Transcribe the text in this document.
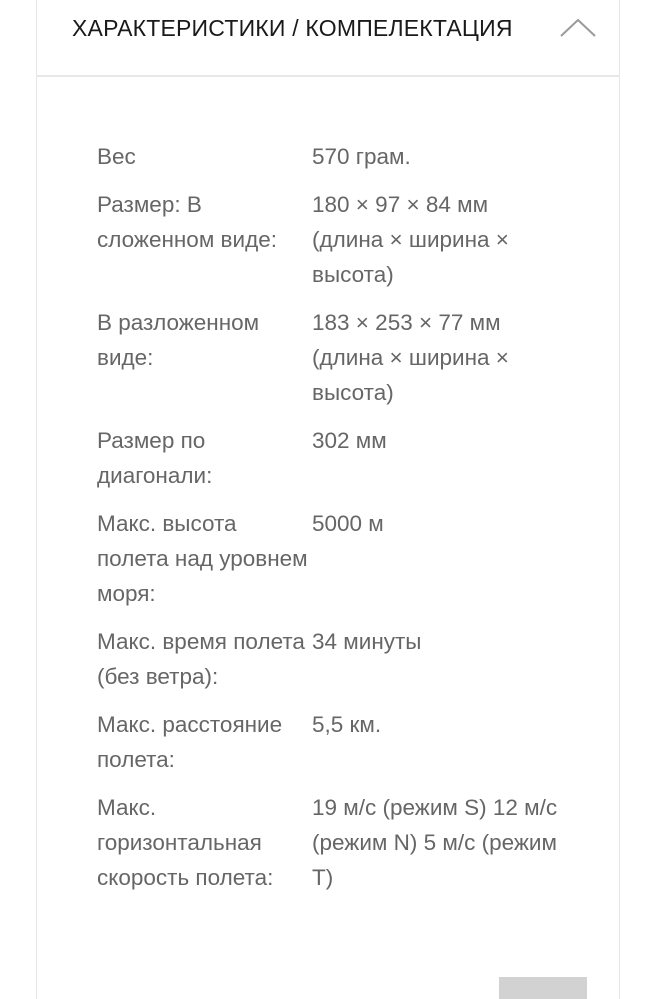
ХАРАКТЕРИСТИКИ / КОМПЕЛЕКТАЦИЯ
Вес	570 грам.
Размер: В сложенном виде:
180 × 97 × 84 мм (длина × ширина × высота)
В разложенном виде:
183 × 253 × 77 мм (длина × ширина × высота)
Размер по диагонали:
302 мм
Макс. высота полета над уровнем моря:
5000 м
Макс. время полета (без ветра):
34 минуты
Макс. расстояние полета:
5,5 км.
Макс. горизонтальная скорость полета:
19 м/с (режим S) 12 м/с (режим N) 5 м/с (режим T)
